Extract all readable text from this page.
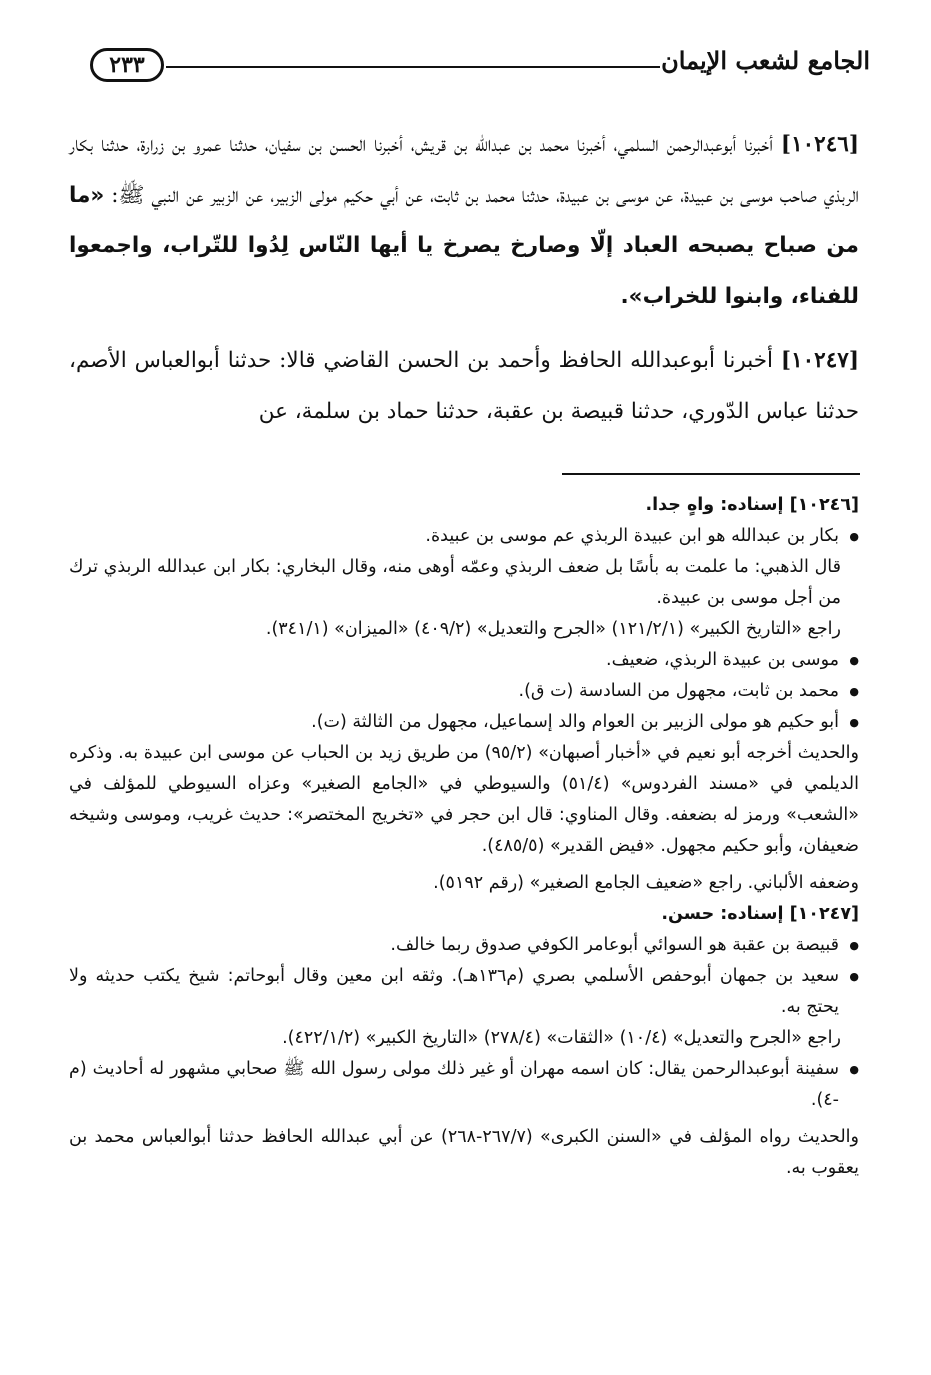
٢٣٣	الجامع لشعب الإيمان

[١٠٢٤٦] أخبرنا أبوعبدالرحمن السلمي، أخبرنا محمد بن عبدالله بن قريش، أخبرنا الحسن بن سفيان، حدثنا عمرو بن زرارة، حدثنا بكار الربذي صاحب موسى بن عبيدة، عن موسى بن عبيدة، حدثنا محمد بن ثابت، عن أبي حكيم مولى الزبير، عن الزبير عن النبي ﷺ: «ما من صباح يصبحه العباد إلّا وصارخ يصرخ يا أيها النّاس لِدُوا للتّراب، واجمعوا للفناء، وابنوا للخراب».

[١٠٢٤٧] أخبرنا أبوعبدالله الحافظ وأحمد بن الحسن القاضي قالا: حدثنا أبوالعباس الأصم، حدثنا عباس الدّوري، حدثنا قبيصة بن عقبة، حدثنا حماد بن سلمة، عن

[١٠٢٤٦] إسناده: واهٍ جدا.

● بكار بن عبدالله هو ابن عبيدة الربذي عم موسى بن عبيدة.

قال الذهبي: ما علمت به بأسًا بل ضعف الربذي وعمّه أوهى منه، وقال البخاري: بكار ابن عبدالله الربذي ترك من أجل موسى بن عبيدة.

راجع «التاريخ الكبير» (١٢١/٢/١) «الجرح والتعديل» (٤٠٩/٢) «الميزان» (٣٤١/١).

● موسى بن عبيدة الربذي، ضعيف.
● محمد بن ثابت، مجهول من السادسة (ت ق).
● أبو حكيم هو مولى الزبير بن العوام والد إسماعيل، مجهول من الثالثة (ت).

والحديث أخرجه أبو نعيم في «أخبار أصبهان» (٩٥/٢) من طريق زيد بن الحباب عن موسى ابن عبيدة به. وذكره الديلمي في «مسند الفردوس» (٥١/٤) والسيوطي في «الجامع الصغير» وعزاه السيوطي للمؤلف في «الشعب» ورمز له بضعفه. وقال المناوي: قال ابن حجر في «تخريج المختصر»: حديث غريب، وموسى وشيخه ضعيفان، وأبو حكيم مجهول. «فيض القدير» (٤٨٥/٥).

وضعفه الألباني. راجع «ضعيف الجامع الصغير» (رقم ٥١٩٢).

[١٠٢٤٧] إسناده: حسن.

● قبيصة بن عقبة هو السوائي أبوعامر الكوفي صدوق ربما خالف.
● سعيد بن جمهان أبوحفص الأسلمي بصري (م١٣٦هـ). وثقه ابن معين وقال أبوحاتم: شيخ يكتب حديثه ولا يحتج به.

راجع «الجرح والتعديل» (١٠/٤) «الثقات» (٢٧٨/٤) «التاريخ الكبير» (٤٢٢/١/٢).

● سفينة أبوعبدالرحمن يقال: كان اسمه مهران أو غير ذلك مولى رسول الله ﷺ صحابي مشهور له أحاديث (م -٤).

والحديث رواه المؤلف في «السنن الكبرى» (٢٦٧/٧-٢٦٨) عن أبي عبدالله الحافظ حدثنا أبوالعباس محمد بن يعقوب به.
